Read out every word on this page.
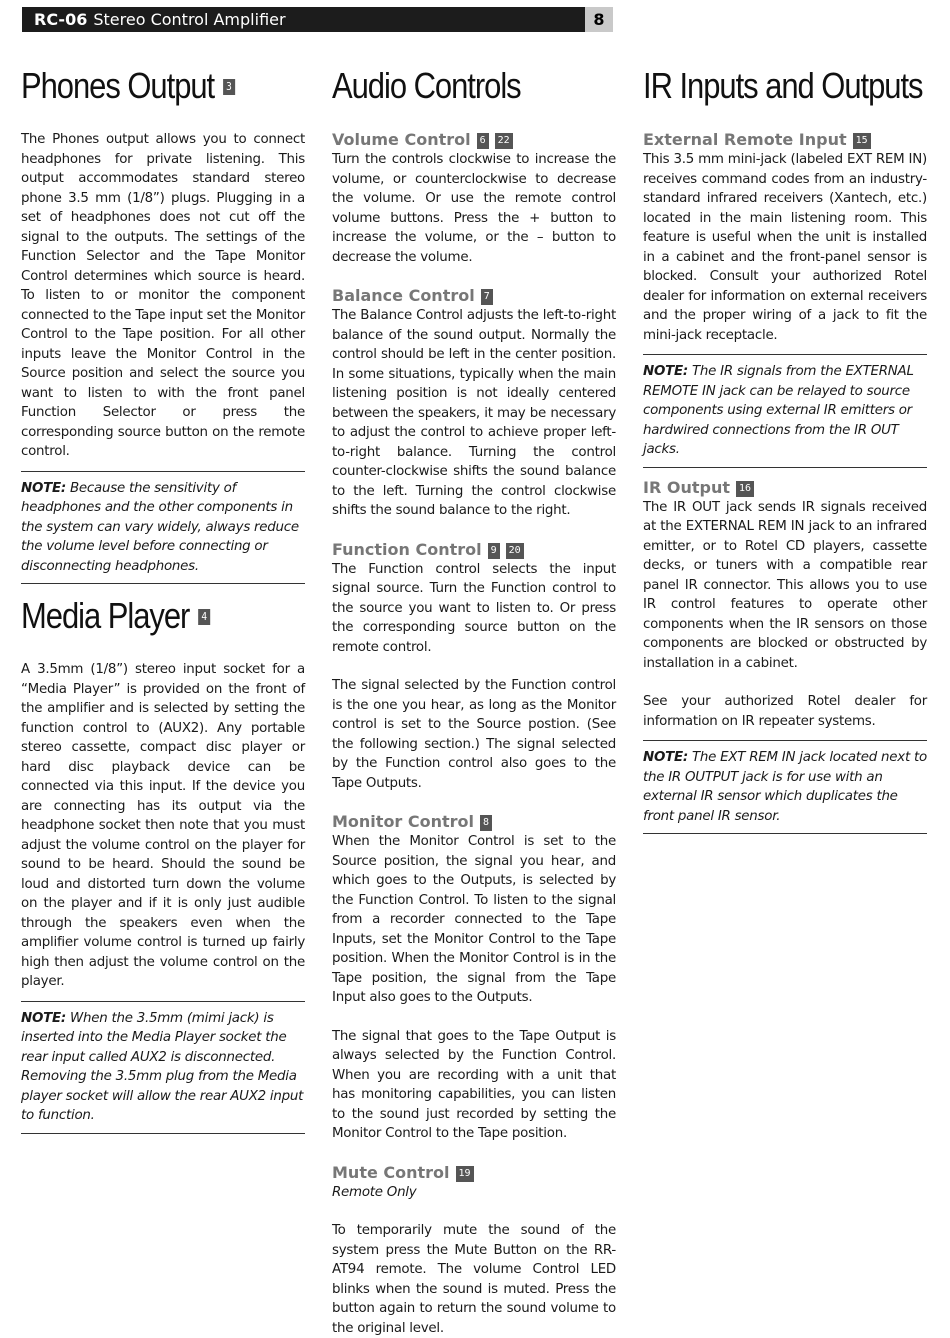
RC-06 Stereo Control Amplifier	8
Phones Output 3

The Phones output allows you to connect headphones for private listening. This output accommodates standard stereo phone 3.5 mm (1/8”) plugs. Plugging in a set of headphones does not cut off the signal to the outputs. The settings of the Function Selector and the Tape Monitor Control determines which source is heard. To listen to or monitor the component connected to the Tape input set the Monitor Control to the Tape position. For all other inputs leave the Monitor Control in the Source position and select the source you want to listen to with the front panel Function Selector or press the corresponding source button on the remote control.

NOTE: Because the sensitivity of headphones and the other components in the system can vary widely, always reduce the volume level before connecting or disconnecting headphones.
Media Player 4

A 3.5mm (1/8”) stereo input socket for a “Media Player” is provided on the front of the amplifier and is selected by setting the function control to (AUX2). Any portable stereo cassette, compact disc player or hard disc playback device can be connected via this input. If the device you are connecting has its output via the headphone socket then note that you must adjust the volume control on the player for sound to be heard. Should the sound be loud and distorted turn down the volume on the player and if it is only just audible through the speakers even when the amplifier volume control is turned up fairly high then adjust the volume control on the player.

NOTE: When the 3.5mm (mimi jack) is inserted into the Media Player socket the rear input called AUX2 is disconnected. Removing the 3.5mm plug from the Media player socket will allow the rear AUX2 input to function.
Audio Controls
Volume Control 6 22

Turn the controls clockwise to increase the volume, or counterclockwise to decrease the volume. Or use the remote control volume buttons. Press the + button to increase the volume, or the – button to decrease the volume.

Balance Control 7

The Balance Control adjusts the left-to-right balance of the sound output. Normally the control should be left in the center position. In some situations, typically when the main listening position is not ideally centered between the speakers, it may be necessary to adjust the control to achieve proper left-to-right balance. Turning the control counter-clockwise shifts the sound balance to the left. Turning the control clockwise shifts the sound balance to the right.

Function Control 9 20

The Function control selects the input signal source. Turn the Function control to the source you want to listen to. Or press the corresponding source button on the remote control.

The signal selected by the Function control is the one you hear, as long as the Monitor control is set to the Source postion. (See the following section.) The signal selected by the Function control also goes to the Tape Outputs.

Monitor Control 8

When the Monitor Control is set to the Source position, the signal you hear, and which goes to the Outputs, is selected by the Function Control. To listen to the signal from a recorder connected to the Tape Inputs, set the Monitor Control to the Tape position. When the Monitor Control is in the Tape position, the signal from the Tape Input also goes to the Outputs.

The signal that goes to the Tape Output is always selected by the Function Control. When you are recording with a unit that has monitoring capabilities, you can listen to the sound just recorded by setting the Monitor Control to the Tape position.

Mute Control 19

Remote Only

To temporarily mute the sound of the system press the Mute Button on the RR-AT94 remote. The volume Control LED blinks when the sound is muted. Press the button again to return the sound volume to the original level.

IR Inputs and Outputs
External Remote Input 15

This 3.5 mm mini-jack (labeled EXT REM IN) receives command codes from an industry-standard infrared receivers (Xantech, etc.) located in the main listening room. This feature is useful when the unit is installed in a cabinet and the front-panel sensor is blocked. Consult your authorized Rotel dealer for information on external receivers and the proper wiring of a jack to fit the mini-jack receptacle.

NOTE: The IR signals from the EXTERNAL REMOTE IN jack can be relayed to source components using external IR emitters or hardwired connections from the IR OUT jacks.
IR Output 16

The IR OUT jack sends IR signals received at the EXTERNAL REM IN jack to an infrared emitter, or to Rotel CD players, cassette decks, or tuners with a compatible rear panel IR connector. This allows you to use IR control features to operate other components when the IR sensors on those components are blocked or obstructed by installation in a cabinet.

See your authorized Rotel dealer for information on IR repeater systems.

NOTE: The EXT REM IN jack located next to the IR OUTPUT jack is for use with an external IR sensor which duplicates the front panel IR sensor.
